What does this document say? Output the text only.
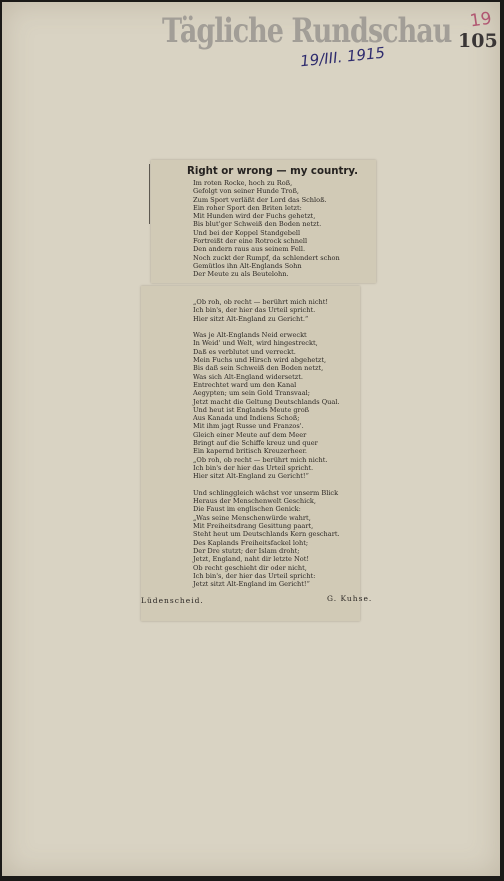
Tägliche Rundschau
19/III. 1915
19
105
Right or wrong — my country.
Im roten Rocke, hoch zu Roß,
Gefolgt von seiner Hunde Troß,
Zum Sport verläßt der Lord das Schloß.
Ein roher Sport den Briten letzt:
Mit Hunden wird der Fuchs gehetzt,
Bis blut'ger Schweiß den Boden netzt.
Und bei der Koppel Standgebell
Fortreißt der eine Rotrock schnell
Den andern raus aus seinem Fell.
Noch zuckt der Rumpf, da schlendert schon
Gemütlos ihn Alt-Englands Sohn
Der Meute zu als Beutelohn.
„Ob roh, ob recht — berührt mich nicht!
Ich bin's, der hier das Urteil spricht.
Hier sitzt Alt-England zu Gericht.“
Was je Alt-Englands Neid erweckt
In Weid' und Welt, wird hingestreckt,
Daß es verblutet und verreckt.
Mein Fuchs und Hirsch wird abgehetzt,
Bis daß sein Schweiß den Boden netzt,
Was sich Alt-England widersetzt.
Entrechtet ward um den Kanal
Aegypten; um sein Gold Transvaal;
Jetzt macht die Geltung Deutschlands Qual.
Und heut ist Englands Meute groß
Aus Kanada und Indiens Schoß;
Mit ihm jagt Russe und Franzos'.
Gleich einer Meute auf dem Meer
Bringt auf die Schiffe kreuz und quer
Ein kapernd britisch Kreuzerheer.
„Ob roh, ob recht — berührt mich nicht.
Ich bin's der hier das Urteil spricht.
Hier sitzt Alt-England zu Gericht!“
Und schlinggleich wächst vor unserm Blick
Heraus der Menschenwelt Geschick,
Die Faust im englischen Genick:
„Was seine Menschenwürde wahrt,
Mit Freiheitsdrang Gesittung paart,
Steht heut um Deutschlands Kern geschart.
Des Kaplands Freiheitsfackel loht;
Der Dre stutzt; der Islam droht;
Jetzt, England, naht dir letzte Not!
Ob recht geschieht dir oder nicht,
Ich bin's, der hier das Urteil spricht:
Jetzt sitzt Alt-England im Gericht!“
Lüdenscheid.	G. Kuhse.
